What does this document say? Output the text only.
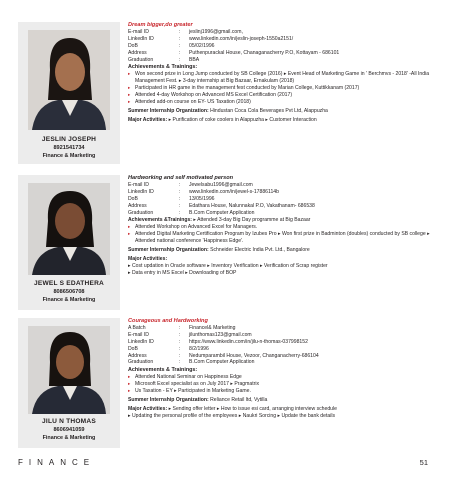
JESLIN JOSEPH
8921541734
Finance & Marketing
Dream bigger,do greater
E-mail ID	:	jeslinj1996@gmail.com,
LinkedIn ID	:	www.linkedin.com/in/jeslin-joseph-1550a2151/
DoB	:	05/02/1996
Address	:	Puthenpurackal House, Chanaganacherry P.O, Kottayam - 686101
Graduation	:	BBA
Achievements & Trainings:
▸ Won second prize in Long Jump conducted by SB College (2016) ▸ Event Head of Marketing Game in ' Berchmvs - 2018' -All India Management Fest. ▸ 3-day internship at Big Bazaar, Ernakulam (2018)
▸ Participated in HR game in the management fest conducted by Marian College, Kuttikkanam (2017)
▸ Attended 4-day Workshop on Advanced MS Excel Certification (2017)
▸ Attended add-on course on EY- US Taxation (2018)
Summer Internship Organization: Hindustan Coca Cola Beverages Pvt Ltd, Alappuzha
Major Activities: ▸ Purification of coke coolers in Alappuzha ▸ Customer Interaction
JEWEL S EDATHERA
8086506708
Finance & Marketing
Hardworking and self motivated person
E-mail ID	:	Jewelsabu1996@gmail.com
LinkedIn ID	:	www.linkedin.com/in/jewel-s-17886114b
DoB	:	13/05/1996
Address	:	Edathara House, Nalunnakal P.O, Vakathanam- 686538
Graduation	:	B.Com Computer Application
Achievements &Trainings: ▸ Attended 3-day Big Day programme at Big Bazaar
▸ Attended Workshop on Advanced Excel for Managers.
▸ Attended Digital Marketing Certification Program by Izubes Pro ▸ Won first prize in Badminton (doubles) conducted by SB college ▸ Attended national conference 'Happiness Edge'.
Summer Internship Organization: Schneider Electric India Pvt. Ltd., Bangalore
Major Activities:
▸ Cost updation in Oracle software ▸ Inventory Verification ▸ Verification of Scrap register
▸ Data entry in MS Excel ▸ Downloading of BOP
JILU N THOMAS
8606941059
Finance & Marketing
Courageous and Hardworking
A Batch	:	Financel& Marketing
E-mail ID	:	jilunthomas123@gmail.com
LinkedIn ID	:	https://www.linkedin.com/in/jilu-n-thomas-037998152
DoB	:	8/2/1996
Address	:	Nedumparambil House, Vezoor, Changanacherry-686104
Graduation	:	B.Com Computer Application
Achievements & Trainings:
▸ Attended National Seminar on Happiness Edge
▸ Microsoft Excel specialist as on July 2017 ▸ Pragmatrix
▸ Us Taxation - EY ▸ Participated in Marketing Game.
Summer Internship Organization: Reliance Retail ltd, Vytilla
Major Activities: ▸ Sending offer letter ▸ How to issue esi card, arranging interview schedule
▸ Updating the personal profile of the employees ▸ Naukri Sorcing ▸ Update the bank details
FINANCE	51
